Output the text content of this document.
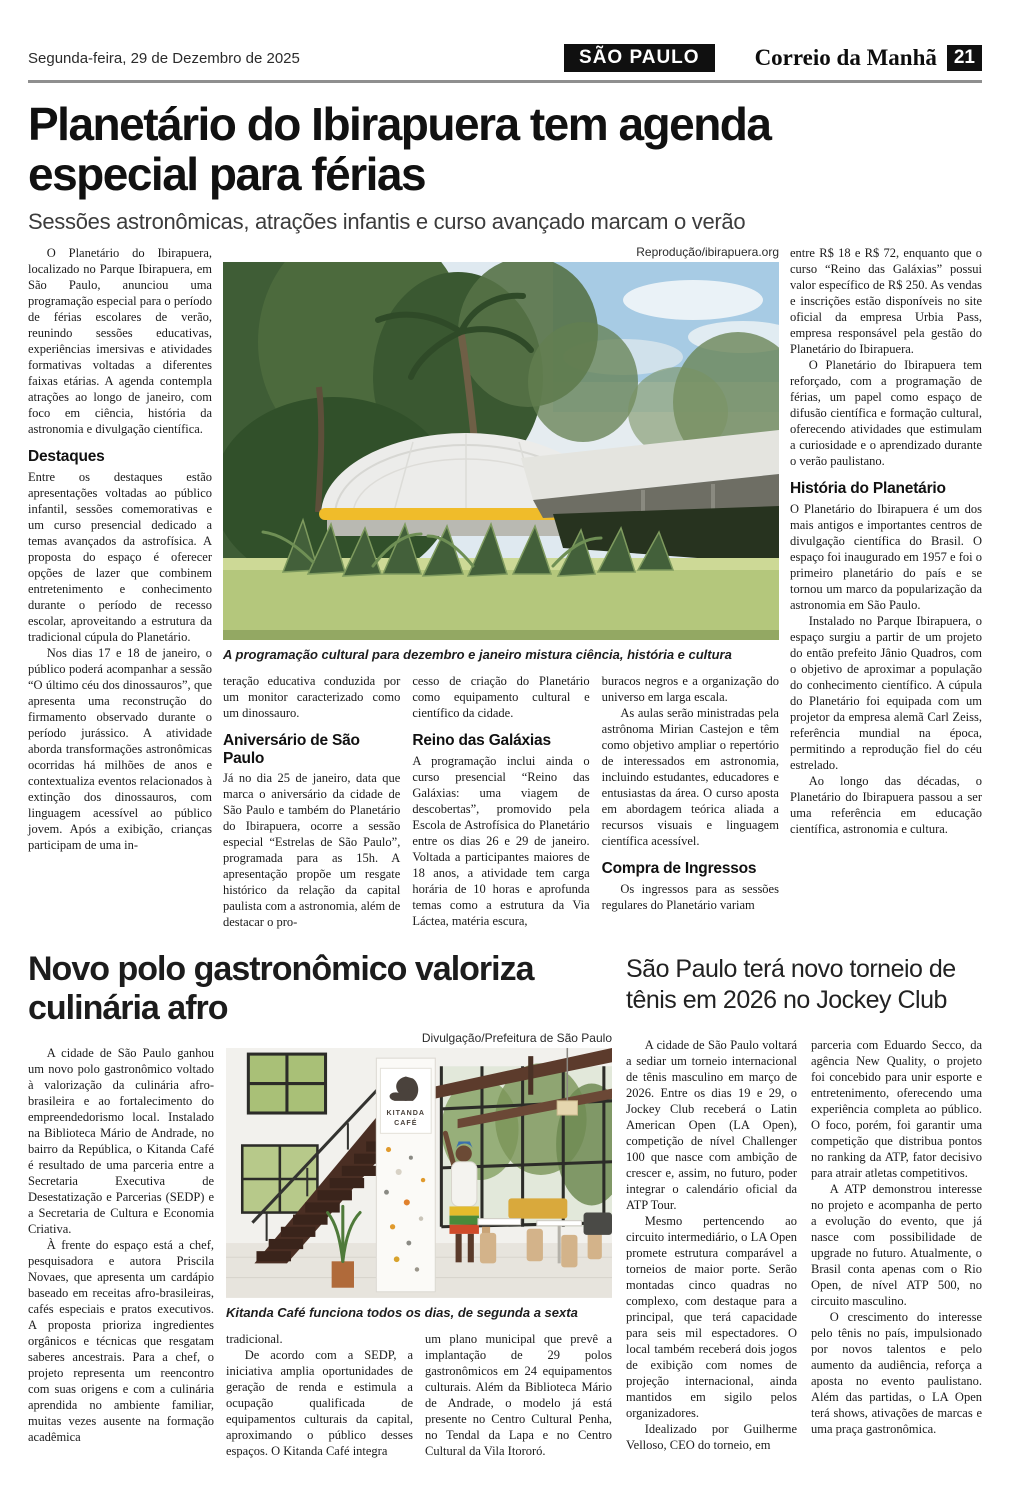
Segunda-feira, 29 de Dezembro de 2025	SÃO PAULO	Correio da Manhã 21
Planetário do Ibirapuera tem agenda especial para férias

Sessões astronômicas, atrações infantis e curso avançado marcam o verão

O Planetário do Ibirapuera, localizado no Parque Ibirapuera, em São Paulo, anunciou uma programação especial para o período de férias escolares de verão, reunindo sessões educativas, experiências imersivas e atividades formativas voltadas a diferentes faixas etárias. A agenda contempla atrações ao longo de janeiro, com foco em ciência, história da astronomia e divulgação científica.

Destaques

Entre os destaques estão apresentações voltadas ao público infantil, sessões comemorativas e um curso presencial dedicado a temas avançados da astrofísica. A proposta do espaço é oferecer opções de lazer que combinem entretenimento e conhecimento durante o período de recesso escolar, aproveitando a estrutura da tradicional cúpula do Planetário.

Nos dias 17 e 18 de janeiro, o público poderá acompanhar a sessão “O último céu dos dinossauros”, que apresenta uma reconstrução do firmamento observado durante o período jurássico. A atividade aborda transformações astronômicas ocorridas há milhões de anos e contextualiza eventos relacionados à extinção dos dinossauros, com linguagem acessível ao público jovem. Após a exibição, crianças participam de uma in-

Reprodução/ibirapuera.org

A programação cultural para dezembro e janeiro mistura ciência, história e cultura

teração educativa conduzida por um monitor caracterizado como um dinossauro.

Aniversário de São Paulo

Já no dia 25 de janeiro, data que marca o aniversário da cidade de São Paulo e também do Planetário do Ibirapuera, ocorre a sessão especial “Estrelas de São Paulo”, programada para as 15h. A apresentação propõe um resgate histórico da relação da capital paulista com a astronomia, além de destacar o pro-

cesso de criação do Planetário como equipamento cultural e científico da cidade.

Reino das Galáxias

A programação inclui ainda o curso presencial “Reino das Galáxias: uma viagem de descobertas”, promovido pela Escola de Astrofísica do Planetário entre os dias 26 e 29 de janeiro. Voltada a participantes maiores de 18 anos, a atividade tem carga horária de 10 horas e aprofunda temas como a estrutura da Via Láctea, matéria escura,

buracos negros e a organização do universo em larga escala.

As aulas serão ministradas pela astrônoma Mirian Castejon e têm como objetivo ampliar o repertório de interessados em astronomia, incluindo estudantes, educadores e entusiastas da área. O curso aposta em abordagem teórica aliada a recursos visuais e linguagem científica acessível.

Compra de Ingressos

Os ingressos para as sessões regulares do Planetário variam

entre R$ 18 e R$ 72, enquanto que o curso “Reino das Galáxias” possui valor específico de R$ 250. As vendas e inscrições estão disponíveis no site oficial da empresa Urbia Pass, empresa responsável pela gestão do Planetário do Ibirapuera.

O Planetário do Ibirapuera tem reforçado, com a programação de férias, um papel como espaço de difusão científica e formação cultural, oferecendo atividades que estimulam a curiosidade e o aprendizado durante o verão paulistano.

História do Planetário

O Planetário do Ibirapuera é um dos mais antigos e importantes centros de divulgação científica do Brasil. O espaço foi inaugurado em 1957 e foi o primeiro planetário do país e se tornou um marco da popularização da astronomia em São Paulo.

Instalado no Parque Ibirapuera, o espaço surgiu a partir de um projeto do então prefeito Jânio Quadros, com o objetivo de aproximar a população do conhecimento científico. A cúpula do Planetário foi equipada com um projetor da empresa alemã Carl Zeiss, referência mundial na época, permitindo a reprodução fiel do céu estrelado.

Ao longo das décadas, o Planetário do Ibirapuera passou a ser uma referência em educação científica, astronomia e cultura.

Novo polo gastronômico valoriza culinária afro

A cidade de São Paulo ganhou um novo polo gastronômico voltado à valorização da culinária afro-brasileira e ao fortalecimento do empreendedorismo local. Instalado na Biblioteca Mário de Andrade, no bairro da República, o Kitanda Café é resultado de uma parceria entre a Secretaria Executiva de Desestatização e Parcerias (SEDP) e a Secretaria de Cultura e Economia Criativa.

À frente do espaço está a chef, pesquisadora e autora Priscila Novaes, que apresenta um cardápio baseado em receitas afro-brasileiras, cafés especiais e pratos executivos. A proposta prioriza ingredientes orgânicos e técnicas que resgatam saberes ancestrais. Para a chef, o projeto representa um reencontro com suas origens e com a culinária aprendida no ambiente familiar, muitas vezes ausente na formação acadêmica

Divulgação/Prefeitura de São Paulo

KITANDA
CAFÉ

Kitanda Café funciona todos os dias, de segunda a sexta

tradicional.

De acordo com a SEDP, a iniciativa amplia oportunidades de geração de renda e estimula a ocupação qualificada de equipamentos culturais da capital, aproximando o público desses espaços. O Kitanda Café integra

um plano municipal que prevê a implantação de 29 polos gastronômicos em 24 equipamentos culturais. Além da Biblioteca Mário de Andrade, o modelo já está presente no Centro Cultural Penha, no Tendal da Lapa e no Centro Cultural da Vila Itororó.

São Paulo terá novo torneio de tênis em 2026 no Jockey Club

A cidade de São Paulo voltará a sediar um torneio internacional de tênis masculino em março de 2026. Entre os dias 19 e 29, o Jockey Club receberá o Latin American Open (LA Open), competição de nível Challenger 100 que nasce com ambição de crescer e, assim, no futuro, poder integrar o calendário oficial da ATP Tour.

Mesmo pertencendo ao circuito intermediário, o LA Open promete estrutura comparável a torneios de maior porte. Serão montadas cinco quadras no complexo, com destaque para a principal, que terá capacidade para seis mil espectadores. O local também receberá dois jogos de exibição com nomes de projeção internacional, ainda mantidos em sigilo pelos organizadores.

Idealizado por Guilherme Velloso, CEO do torneio, em

parceria com Eduardo Secco, da agência New Quality, o projeto foi concebido para unir esporte e entretenimento, oferecendo uma experiência completa ao público. O foco, porém, foi garantir uma competição que distribua pontos no ranking da ATP, fator decisivo para atrair atletas competitivos.

A ATP demonstrou interesse no projeto e acompanha de perto a evolução do evento, que já nasce com possibilidade de upgrade no futuro. Atualmente, o Brasil conta apenas com o Rio Open, de nível ATP 500, no circuito masculino.

O crescimento do interesse pelo tênis no país, impulsionado por novos talentos e pelo aumento da audiência, reforça a aposta no evento paulistano. Além das partidas, o LA Open terá shows, ativações de marcas e uma praça gastronômica.
